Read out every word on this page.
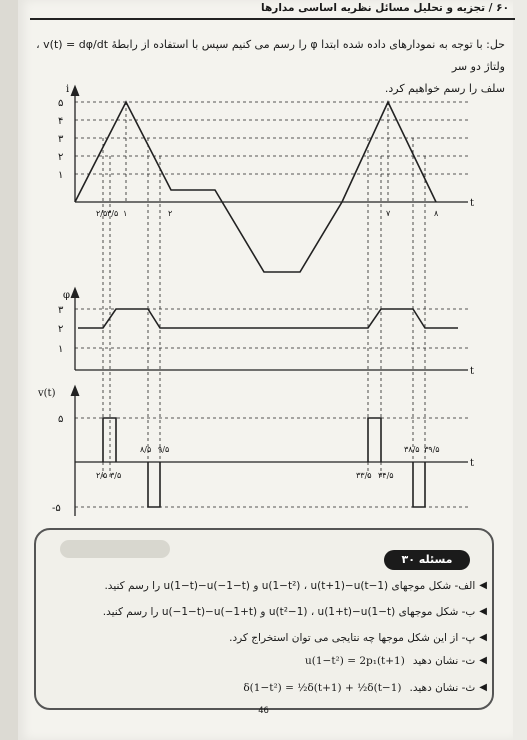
۶۰ / تجزیه و تحلیل مسائل نظریه اساسی مدارها
حل: با توجه به نمودارهای داده شده ابتدا φ را رسم می کنیم سپس با استفاده از رابطهٔ v(t) = dφ/dt ، ولتاژ دو سر
سلف را رسم خواهیم کرد.
i
t
۵
۴
۳
۲
۱
۲/۵ ۳/۵ ۱	۲	۷	۸
φ
t
۳
۲
۱
v(t)
t
۵
-۵
۲/۵ ۳/۵
۸/۵ ۹/۵
۳۳/۵ ۳۴/۵
۳۸/۵ ۳۹/۵
مسئله ۳۰
◀
الف- شکل موجهای u(1−t²) ، u(t+1)−u(t−1) و u(1−t)−u(−1−t) را رسم کنید.
◀
ب- شکل موجهای u(t²−1) ، u(1+t)−u(1−t) و u(−1−t)−u(−1+t) را رسم کنید.
◀
پ- از این شکل موجها چه نتایجی می توان استخراج کرد.
◀
ت- نشان دهید
u(1−t²) = 2p₁(t+1)
◀
ث- نشان دهید.
δ(1−t²) = ½δ(t+1) + ½δ(t−1)
46
